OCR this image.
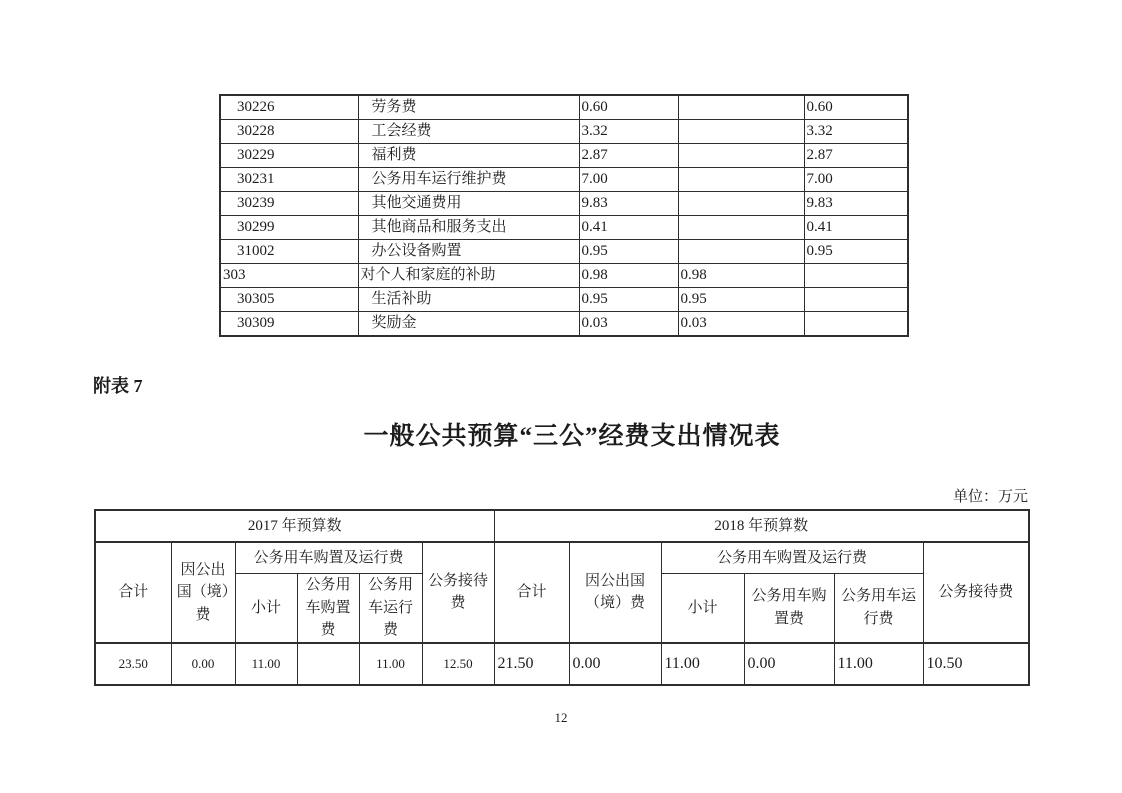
30226	劳务费	0.60		0.60
30228	工会经费	3.32		3.32
30229	福利费	2.87		2.87
30231	公务用车运行维护费	7.00		7.00
30239	其他交通费用	9.83		9.83
30299	其他商品和服务支出	0.41		0.41
31002	办公设备购置	0.95		0.95
303	对个人和家庭的补助	0.98	0.98	
30305	生活补助	0.95	0.95	
30309	奖励金	0.03	0.03	
附表 7
一般公共预算“三公”经费支出情况表
单位：万元
2017 年预算数						2018 年预算数					
合计	因公出国（境）费	公务用车购置及运行费			公务接待费	合计	因公出国（境）费	公务用车购置及运行费			公务接待费
		小计	公务用车购置费	公务用车运行费				小计	公务用车购置费	公务用车运行费	
23.50	0.00	11.00		11.00	12.50	21.50	0.00	11.00	0.00	11.00	10.50
12
